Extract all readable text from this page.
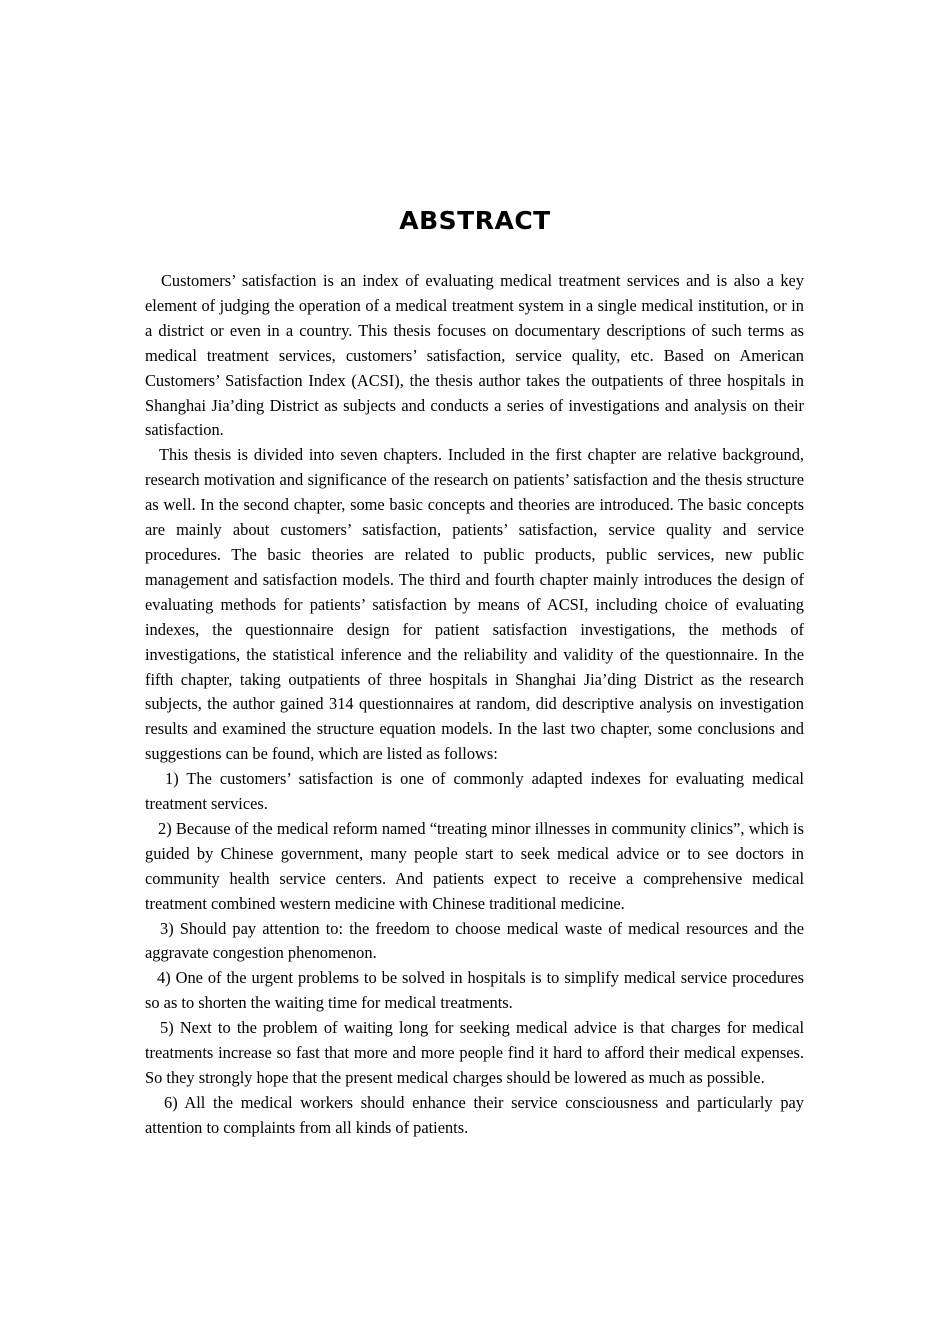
ABSTRACT

Customers’ satisfaction is an index of evaluating medical treatment services and is also a key element of judging the operation of a medical treatment system in a single medical institution, or in a district or even in a country. This thesis focuses on documentary descriptions of such terms as medical treatment services, customers’ satisfaction, service quality, etc. Based on American Customers’ Satisfaction Index (ACSI), the thesis author takes the outpatients of three hospitals in Shanghai Jia’ding District as subjects and conducts a series of investigations and analysis on their satisfaction.

This thesis is divided into seven chapters. Included in the first chapter are relative background, research motivation and significance of the research on patients’ satisfaction and the thesis structure as well. In the second chapter, some basic concepts and theories are introduced. The basic concepts are mainly about customers’ satisfaction, patients’ satisfaction, service quality and service procedures. The basic theories are related to public products, public services, new public management and satisfaction models. The third and fourth chapter mainly introduces the design of evaluating methods for patients’ satisfaction by means of ACSI, including choice of evaluating indexes, the questionnaire design for patient satisfaction investigations, the methods of investigations, the statistical inference and the reliability and validity of the questionnaire. In the fifth chapter, taking outpatients of three hospitals in Shanghai Jia’ding District as the research subjects, the author gained 314 questionnaires at random, did descriptive analysis on investigation results and examined the structure equation models. In the last two chapter, some conclusions and suggestions can be found, which are listed as follows:

1) The customers’ satisfaction is one of commonly adapted indexes for evaluating medical treatment services.

2) Because of the medical reform named “treating minor illnesses in community clinics”, which is guided by Chinese government, many people start to seek medical advice or to see doctors in community health service centers. And patients expect to receive a comprehensive medical treatment combined western medicine with Chinese traditional medicine.

3) Should pay attention to: the freedom to choose medical waste of medical resources and the aggravate congestion phenomenon.

4) One of the urgent problems to be solved in hospitals is to simplify medical service procedures so as to shorten the waiting time for medical treatments.

5) Next to the problem of waiting long for seeking medical advice is that charges for medical treatments increase so fast that more and more people find it hard to afford their medical expenses. So they strongly hope that the present medical charges should be lowered as much as possible.

6) All the medical workers should enhance their service consciousness and particularly pay attention to complaints from all kinds of patients.
